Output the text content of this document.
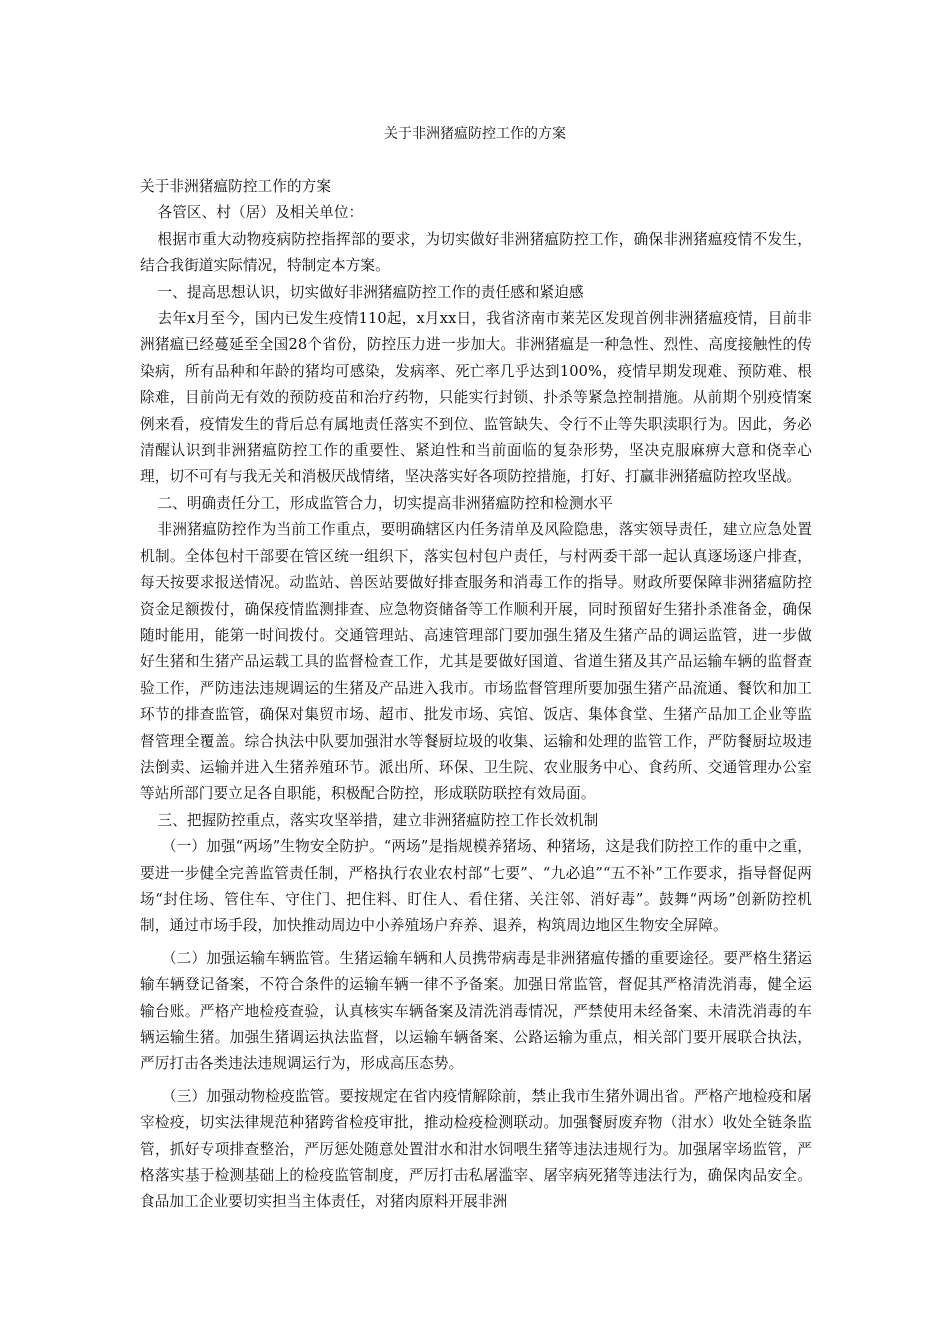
关于非洲猪瘟防控工作的方案

关于非洲猪瘟防控工作的方案

各管区、村（居）及相关单位：

根据市重大动物疫病防控指挥部的要求，为切实做好非洲猪瘟防控工作，确保非洲猪瘟疫情不发生，结合我街道实际情况，特制定本方案。

一、提高思想认识，切实做好非洲猪瘟防控工作的责任感和紧迫感

去年x月至今，国内已发生疫情110起，x月xx日，我省济南市莱芜区发现首例非洲猪瘟疫情，目前非洲猪瘟已经蔓延至全国28个省份，防控压力进一步加大。非洲猪瘟是一种急性、烈性、高度接触性的传染病，所有品种和年龄的猪均可感染，发病率、死亡率几乎达到100%，疫情早期发现难、预防难、根除难，目前尚无有效的预防疫苗和治疗药物，只能实行封锁、扑杀等紧急控制措施。从前期个别疫情案例来看，疫情发生的背后总有属地责任落实不到位、监管缺失、令行不止等失职渎职行为。因此，务必清醒认识到非洲猪瘟防控工作的重要性、紧迫性和当前面临的复杂形势，坚决克服麻痹大意和侥幸心理，切不可有与我无关和消极厌战情绪，坚决落实好各项防控措施，打好、打赢非洲猪瘟防控攻坚战。

二、明确责任分工，形成监管合力，切实提高非洲猪瘟防控和检测水平

非洲猪瘟防控作为当前工作重点，要明确辖区内任务清单及风险隐患，落实领导责任，建立应急处置机制。全体包村干部要在管区统一组织下，落实包村包户责任，与村两委干部一起认真逐场逐户排查，每天按要求报送情况。动监站、兽医站要做好排查服务和消毒工作的指导。财政所要保障非洲猪瘟防控资金足额拨付，确保疫情监测排查、应急物资储备等工作顺利开展，同时预留好生猪扑杀准备金，确保随时能用，能第一时间拨付。交通管理站、高速管理部门要加强生猪及生猪产品的调运监管，进一步做好生猪和生猪产品运载工具的监督检查工作，尤其是要做好国道、省道生猪及其产品运输车辆的监督查验工作，严防违法违规调运的生猪及产品进入我市。市场监督管理所要加强生猪产品流通、餐饮和加工环节的排查监管，确保对集贸市场、超市、批发市场、宾馆、饭店、集体食堂、生猪产品加工企业等监督管理全覆盖。综合执法中队要加强泔水等餐厨垃圾的收集、运输和处理的监管工作，严防餐厨垃圾违法倒卖、运输并进入生猪养殖环节。派出所、环保、卫生院、农业服务中心、食药所、交通管理办公室等站所部门要立足各自职能，积极配合防控，形成联防联控有效局面。

三、把握防控重点，落实攻坚举措，建立非洲猪瘟防控工作长效机制

（一）加强“两场”生物安全防护。“两场”是指规模养猪场、种猪场，这是我们防控工作的重中之重，要进一步健全完善监管责任制，严格执行农业农村部“七要”、“九必追”“五不补”工作要求，指导督促两场“封住场、管住车、守住门、把住料、盯住人、看住猪、关注邻、消好毒”。鼓舞“两场”创新防控机制，通过市场手段，加快推动周边中小养殖场户弃养、退养，构筑周边地区生物安全屏障。

（二）加强运输车辆监管。生猪运输车辆和人员携带病毒是非洲猪瘟传播的重要途径。要严格生猪运输车辆登记备案，不符合条件的运输车辆一律不予备案。加强日常监管，督促其严格清洗消毒，健全运输台账。严格产地检疫查验，认真核实车辆备案及清洗消毒情况，严禁使用未经备案、未清洗消毒的车辆运输生猪。加强生猪调运执法监督，以运输车辆备案、公路运输为重点，相关部门要开展联合执法，严厉打击各类违法违规调运行为，形成高压态势。

（三）加强动物检疫监管。要按规定在省内疫情解除前，禁止我市生猪外调出省。严格产地检疫和屠宰检疫，切实法律规范种猪跨省检疫审批，推动检疫检测联动。加强餐厨废弃物（泔水）收处全链条监管，抓好专项排查整治，严厉惩处随意处置泔水和泔水饲喂生猪等违法违规行为。加强屠宰场监管，严格落实基于检测基础上的检疫监管制度，严厉打击私屠滥宰、屠宰病死猪等违法行为，确保肉品安全。食品加工企业要切实担当主体责任，对猪肉原料开展非洲
